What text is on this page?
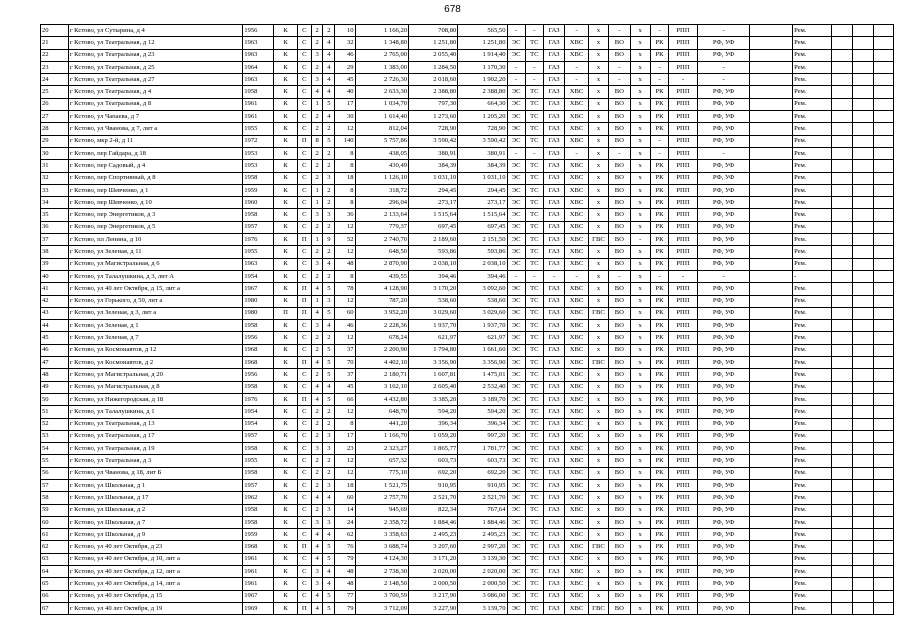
678
20	г Кстово, ул Сутырина, д 4	1956	К	С	2	2	10	1 166,20	708,80	565,50	-	-	ГАЗ	-	х	-	х	-	РПП	-		Рем.			
21	г Кстово, ул Театральная, д 12	1963	К	С	2	4	32	1 348,80	1 251,80	1 251,80	ЭС	ТС	ГАЗ	ХВС	х	ВО	х	РК	РПП	РФ, УФ		Рем.			
22	г Кстово, ул Театральная, д 23	1963	К	С	3	4	46	2 765,00	2 055,40	1 914,40	ЭС	ТС	ГАЗ	ХВС	х	ВО	х	РК	РПП	РФ, УФ		Рем.			
23	г Кстово, ул Театральная, д 25	1964	К	С	2	4	29	1 383,00	1 284,50	1 170,30	-	-	ГАЗ	-	х	-	х	-	РПП	-		Рем.			
24	г Кстово, ул Театральная, д 27	1963	К	С	3	4	45	2 726,30	2 018,60	1 902,20	-	-	ГАЗ	-	х	-	х	-	-	-		Рем.			
25	г Кстово, ул Театральная, д 4	1958	К	С	4	4	40	2 633,30	2 388,80	2 388,80	ЭС	ТС	ГАЗ	ХВС	х	ВО	х	РК	РПП	РФ, УФ		Рем.			
26	г Кстово, ул Театральная, д 8	1961	К	С	1	5	17	1 034,70	797,30	664,30	ЭС	ТС	ГАЗ	ХВС	х	ВО	х	РК	РПП	РФ, УФ		Рем.			
27	г Кстово, ул Чапаева, д 7	1961	К	С	2	4	30	1 614,40	1 273,60	1 205,20	ЭС	ТС	ГАЗ	ХВС	х	ВО	х	РК	РПП	РФ, УФ		Рем.			
28	г Кстово, ул Чванова, д 7, лит а	1955	К	С	2	2	12	812,04	728,90	728,90	ЭС	ТС	ГАЗ	ХВС	х	ВО	х	РК	РПП	РФ, УФ		Рем.			
29	г Кстово, мкр 2-й, д 11	1972	К	П	8	5	140	5 757,86	3 590,42	3 590,42	ЭС	ТС	ГАЗ	ХВС	х	ВО	х	-	РПП	РФ, УФ		Рем.			
30	г Кстово, пер Гайдара, д 18	1953	К	С	2	2	8	438,05	380,91	380,91	-	-	ГАЗ	-	х	-	х	-	РПП	-		Рем.			
31	г Кстово, пер Садовый, д 4	1953	К	С	2	2	8	430,49	384,39	384,39	ЭС	ТС	ГАЗ	ХВС	х	ВО	х	РК	РПП	РФ, УФ		Рем.			
32	г Кстово, пер Спортивный, д 8	1958	К	С	2	3	18	1 126,10	1 031,10	1 031,10	ЭС	ТС	ГАЗ	ХВС	х	ВО	х	РК	РПП	РФ, УФ		Рем.			
33	г Кстово, пер Шевченко, д 1	1959	К	С	1	2	8	318,72	294,45	294,45	ЭС	ТС	ГАЗ	ХВС	х	ВО	х	РК	РПП	РФ, УФ		Рем.			
34	г Кстово, пер Шевченко, д 10	1960	К	С	1	2	8	296,04	273,17	273,17	ЭС	ТС	ГАЗ	ХВС	х	ВО	х	РК	РПП	РФ, УФ		Рем.			
35	г Кстово, пер Энергетиков, д 3	1958	К	С	3	3	36	2 133,64	1 515,64	1 515,64	ЭС	ТС	ГАЗ	ХВС	х	ВО	х	РК	РПП	РФ, УФ		Рем.			
36	г Кстово, пер Энергетиков, д 5	1957	К	С	2	2	12	779,37	697,45	697,45	ЭС	ТС	ГАЗ	ХВС	х	ВО	х	РК	РПП	РФ, УФ		Рем.			
37	г Кстово, пл Ленина, д 10	1976	К	П	1	9	52	2 740,70	2 189,60	2 151,50	ЭС	ТС	ГАЗ	ХВС	ГВС	ВО	-	РК	РПП	РФ, УФ		Рем.			
38	г Кстово, ул Зеленая, д 11	1955	К	С	2	2	12	648,50	593,86	593,86	ЭС	ТС	ГАЗ	ХВС	х	ВО	х	РК	РПП	РФ, УФ		Рем.			
39	г Кстово, ул Магистральная, д 6	1963	К	С	3	4	48	2 870,90	2 038,10	2 038,10	ЭС	ТС	ГАЗ	ХВС	х	ВО	х	РК	РПП	РФ, УФ		Рем.			
40	г Кстово, ул Талалушкина, д 3, лит А	1954	К	С	2	2	8	439,55	394,46	394,46	-	-	-	-	х	-	х	-	-	-		-			
41	г Кстово, ул 40 лет Октября, д 15, лит а	1967	К	П	4	5	78	4 128,90	3 170,20	3 092,60	ЭС	ТС	ГАЗ	ХВС	х	ВО	х	РК	РПП	РФ, УФ		Рем.			
42	г Кстово, ул Горького, д 50, лит а	1980	К	П	1	3	12	787,20	538,60	538,60	ЭС	ТС	ГАЗ	ХВС	х	ВО	х	РК	РПП	РФ, УФ		Рем.			
43	г Кстово, ул Зеленая, д 3, лит а	1980	П	П	4	5	60	3 952,20	3 029,60	3 029,60	ЭС	ТС	ГАЗ	ХВС	ГВС	ВО	х	РК	РПП	РФ, УФ		Рем.			
44	г Кстово, ул Зеленая, д 1	1958	К	С	3	4	46	2 228,36	1 937,70	1 937,70	ЭС	ТС	ГАЗ	ХВС	х	ВО	х	РК	РПП	РФ, УФ		Рем.			
45	г Кстово, ул Зеленая, д 7	1956	К	С	2	2	12	678,24	621,97	621,97	ЭС	ТС	ГАЗ	ХВС	х	ВО	х	РК	РПП	РФ, УФ		Рем.			
46	г Кстово, ул Космонавтов, д 12	1968	К	С	2	5	37	2 200,90	1 794,80	1 661,60	ЭС	ТС	ГАЗ	ХВС	х	ВО	х	РК	РПП	РФ, УФ		Рем.			
47	г Кстово, ул Космонавтов, д 2	1968	К	П	4	5	70	4 402,10	3 356,90	3 356,90	ЭС	ТС	ГАЗ	ХВС	ГВС	ВО	х	РК	РПП	РФ, УФ		Рем.			
48	г Кстово, ул Магистральная, д 20	1956	К	С	2	5	37	2 180,71	1 607,81	1 475,01	ЭС	ТС	ГАЗ	ХВС	х	ВО	х	РК	РПП	РФ, УФ		Рем.			
49	г Кстово, ул Магистральная, д 8	1958	К	С	4	4	45	3 162,10	2 605,40	2 532,40	ЭС	ТС	ГАЗ	ХВС	х	ВО	х	РК	РПП	РФ, УФ		Рем.			
50	г Кстово, ул Нижегородская, д 18	1976	К	П	4	5	66	4 432,80	3 385,20	3 189,70	ЭС	ТС	ГАЗ	ХВС	х	ВО	х	РК	РПП	РФ, УФ		Рем.			
51	г Кстово, ул Талалушкина, д 1	1954	К	С	2	2	12	648,70	594,20	594,20	ЭС	ТС	ГАЗ	ХВС	х	ВО	х	РК	РПП	РФ, УФ		Рем.			
52	г Кстово, ул Театральная, д 13	1954	К	С	2	2	8	441,20	396,34	396,34	ЭС	ТС	ГАЗ	ХВС	х	ВО	х	РК	РПП	РФ, УФ		Рем.			
53	г Кстово, ул Театральная, д 17	1957	К	С	2	3	17	1 166,70	1 059,20	997,20	ЭС	ТС	ГАЗ	ХВС	х	ВО	х	РК	РПП	РФ, УФ		Рем.			
54	г Кстово, ул Театральная, д 19	1958	К	С	3	3	23	2 323,27	1 865,77	1 781,77	ЭС	ТС	ГАЗ	ХВС	х	ВО	х	РК	РПП	РФ, УФ		Рем.			
55	г Кстово, ул Театральная, д 3	1955	К	С	2	2	12	657,32	603,73	603,73	ЭС	ТС	ГАЗ	ХВС	х	ВО	х	РК	РПП	РФ, УФ		Рем.			
56	г Кстово, ул Чванова, д 18, лит Б	1958	К	С	2	2	12	775,10	692,20	692,20	ЭС	ТС	ГАЗ	ХВС	х	ВО	х	РК	РПП	РФ, УФ		Рем.			
57	г Кстово, ул Школьная, д 1	1957	К	С	2	3	18	1 521,75	910,95	910,95	ЭС	ТС	ГАЗ	ХВС	х	ВО	х	РК	РПП	РФ, УФ		Рем.			
58	г Кстово, ул Школьная, д 17	1962	К	С	4	4	60	2 757,70	2 521,70	2 521,70	ЭС	ТС	ГАЗ	ХВС	х	ВО	х	РК	РПП	РФ, УФ		Рем.			
59	г Кстово, ул Школьная, д 2	1958	К	С	2	3	14	945,69	822,34	767,64	ЭС	ТС	ГАЗ	ХВС	х	ВО	х	РК	РПП	РФ, УФ		Рем.			
60	г Кстово, ул Школьная, д 7	1958	К	С	3	3	24	2 358,72	1 884,46	1 884,46	ЭС	ТС	ГАЗ	ХВС	х	ВО	х	РК	РПП	РФ, УФ		Рем.			
61	г Кстово, ул Школьная, д 9	1959	К	С	4	4	62	3 358,63	2 495,23	2 495,23	ЭС	ТС	ГАЗ	ХВС	х	ВО	х	РК	РПП	РФ, УФ		Рем.			
62	г Кстово, ул 40 лет Октября, д 23	1968	К	П	4	5	76	3 688,74	3 207,60	2 997,20	ЭС	ТС	ГАЗ	ХВС	ГВС	ВО	х	РК	РПП	РФ, УФ		Рем.			
63	г Кстово, ул 40 лет Октября, д 10, лит а	1961	К	С	4	5	79	4 124,30	3 171,20	3 139,30	ЭС	ТС	ГАЗ	ХВС	х	ВО	х	РК	РПП	РФ, УФ		Рем.			
64	г Кстово, ул 40 лет Октября, д 12, лит а	1961	К	С	3	4	48	2 738,30	2 020,00	2 020,00	ЭС	ТС	ГАЗ	ХВС	х	ВО	х	РК	РПП	РФ, УФ		Рем.			
65	г Кстово, ул 40 лет Октября, д 14, лит а	1961	К	С	3	4	48	2 148,50	2 000,50	2 000,50	ЭС	ТС	ГАЗ	ХВС	х	ВО	х	РК	РПП	РФ, УФ		Рем.			
66	г Кстово, ул 40 лет Октября, д 15	1967	К	С	4	5	77	3 700,59	3 217,90	3 086,00	ЭС	ТС	ГАЗ	ХВС	х	ВО	х	РК	РПП	РФ, УФ		Рем.			
67	г Кстово, ул 40 лет Октября, д 19	1969	К	П	4	5	79	3 712,09	3 227,90	3 139,70	ЭС	ТС	ГАЗ	ХВС	ГВС	ВО	х	РК	РПП	РФ, УФ		Рем.			
